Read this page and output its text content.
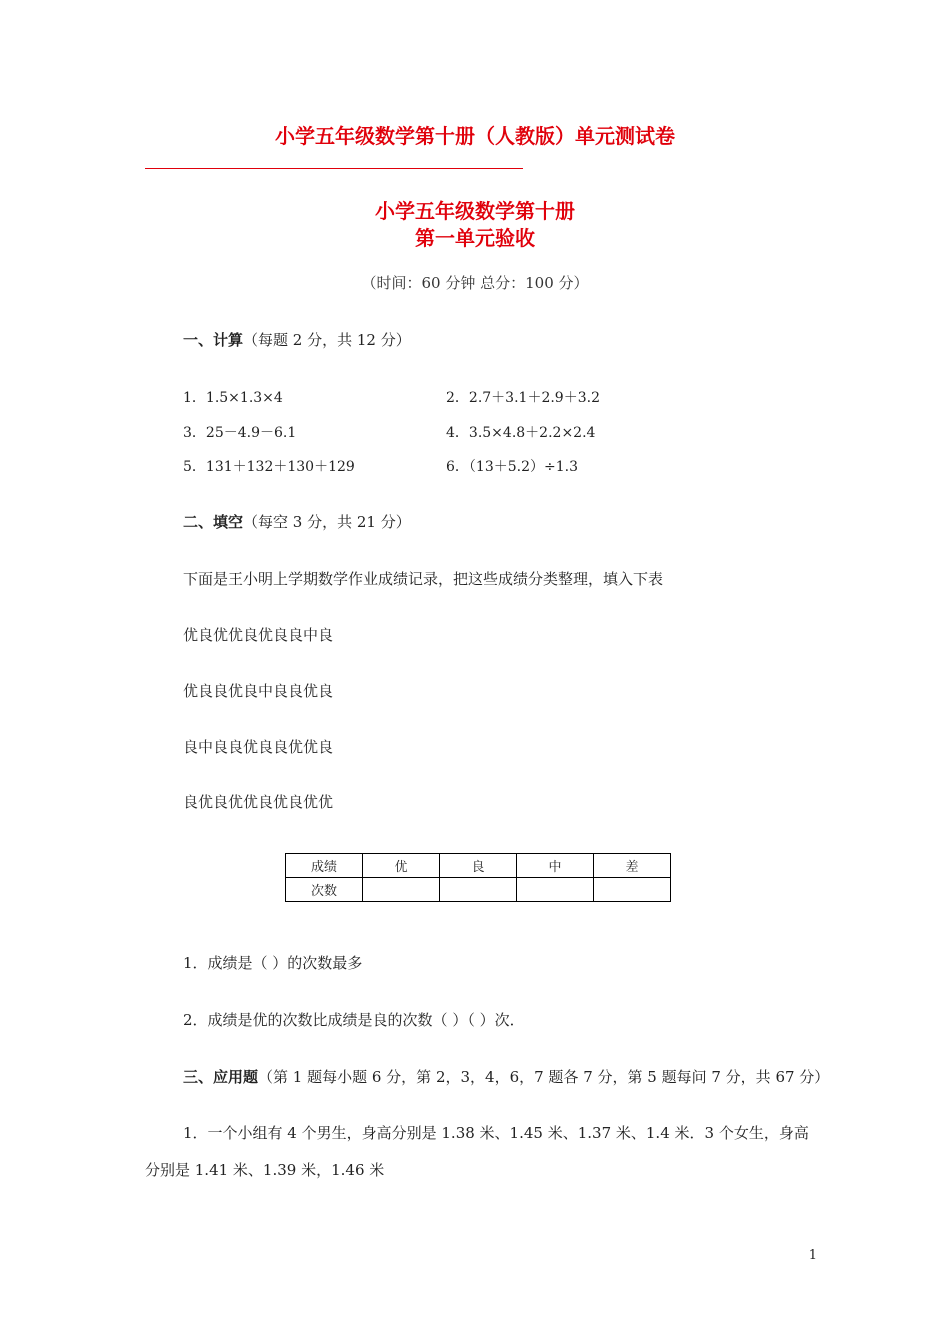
小学五年级数学第十册（人教版）单元测试卷
小学五年级数学第十册
第一单元验收
（时间：60 分钟 总分：100 分）
一、计算（每题 2 分，共 12 分）
1．1.5×1.3×4	2．2.7＋3.1＋2.9＋3.2
3．25－4.9－6.1	4．3.5×4.8＋2.2×2.4
5．131＋132＋130＋129	6．（13＋5.2）÷1.3
二、填空（每空 3 分，共 21 分）
下面是王小明上学期数学作业成绩记录，把这些成绩分类整理，填入下表
优良优优良优良良中良
优良良优良中良良优良
良中良良优良良优优良
良优良优优良优良优优
成绩	优	良	中	差
次数				
1．成绩是（ ）的次数最多
2．成绩是优的次数比成绩是良的次数（ ）（ ）次．
三、应用题（第 1 题每小题 6 分，第 2，3，4，6，7 题各 7 分，第 5 题每问 7 分，共 67 分）
1．一个小组有 4 个男生，身高分别是 1.38 米、1.45 米、1.37 米、1.4 米．3 个女生，身高
分别是 1.41 米、1.39 米，1.46 米
1
